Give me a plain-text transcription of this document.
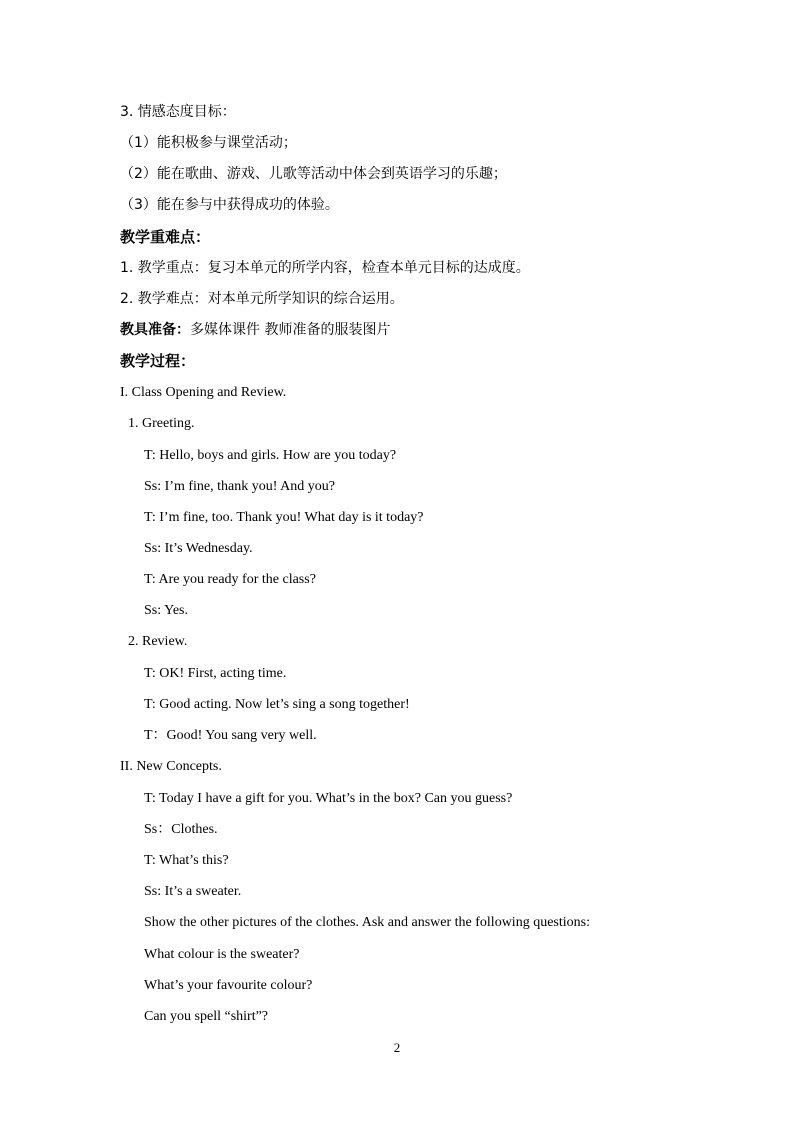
3. 情感态度目标：
（1）能积极参与课堂活动；
（2）能在歌曲、游戏、儿歌等活动中体会到英语学习的乐趣；
（3）能在参与中获得成功的体验。
教学重难点：
1. 教学重点：复习本单元的所学内容，检查本单元目标的达成度。
2. 教学难点：对本单元所学知识的综合运用。
教具准备：多媒体课件 教师准备的服装图片
教学过程：
I. Class Opening and Review.
1. Greeting.
T: Hello, boys and girls. How are you today?
Ss: I’m fine, thank you! And you?
T: I’m fine, too. Thank you! What day is it today?
Ss: It’s Wednesday.
T: Are you ready for the class?
Ss: Yes.
2. Review.
T: OK! First, acting time.
T: Good acting. Now let’s sing a song together!
T：Good! You sang very well.
II. New Concepts.
T: Today I have a gift for you. What’s in the box? Can you guess?
Ss：Clothes.
T: What’s this?
Ss: It’s a sweater.
Show the other pictures of the clothes. Ask and answer the following questions:
What colour is the sweater?
What’s your favourite colour?
Can you spell “shirt”?
2
